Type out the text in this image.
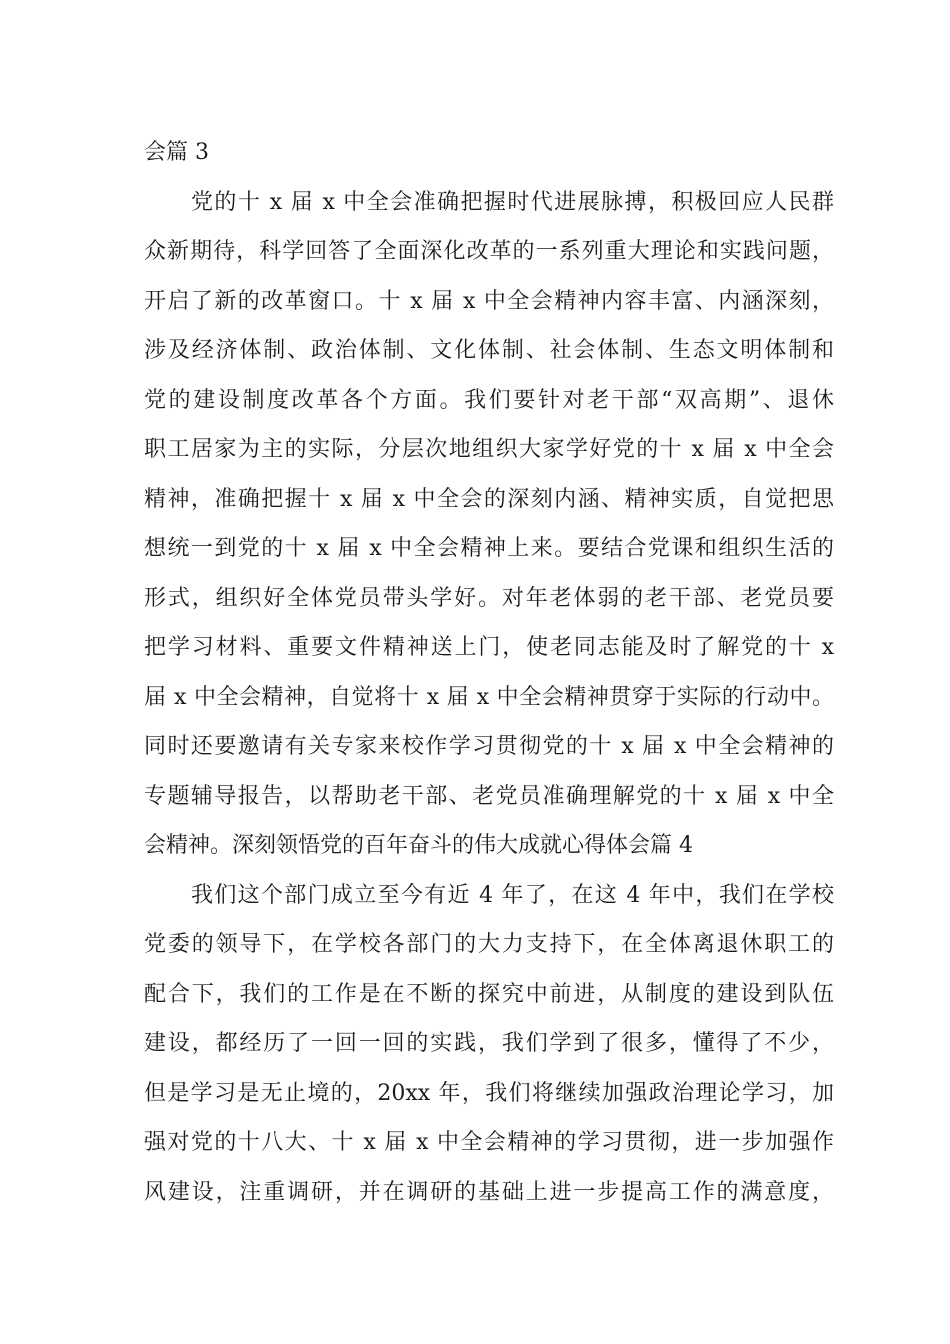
会篇 3
党的十 x 届 x 中全会准确把握时代进展脉搏，积极回应人民群
众新期待，科学回答了全面深化改革的一系列重大理论和实践问题，
开启了新的改革窗口。十 x 届 x 中全会精神内容丰富、内涵深刻，
涉及经济体制、政治体制、文化体制、社会体制、生态文明体制和
党的建设制度改革各个方面。我们要针对老干部“双高期”、退休
职工居家为主的实际，分层次地组织大家学好党的十 x 届 x 中全会
精神，准确把握十 x 届 x 中全会的深刻内涵、精神实质，自觉把思
想统一到党的十 x 届 x 中全会精神上来。要结合党课和组织生活的
形式，组织好全体党员带头学好。对年老体弱的老干部、老党员要
把学习材料、重要文件精神送上门，使老同志能及时了解党的十 x
届 x 中全会精神，自觉将十 x 届 x 中全会精神贯穿于实际的行动中。
同时还要邀请有关专家来校作学习贯彻党的十 x 届 x 中全会精神的
专题辅导报告，以帮助老干部、老党员准确理解党的十 x 届 x 中全
会精神。深刻领悟党的百年奋斗的伟大成就心得体会篇 4
我们这个部门成立至今有近 4 年了，在这 4 年中，我们在学校
党委的领导下，在学校各部门的大力支持下，在全体离退休职工的
配合下，我们的工作是在不断的探究中前进，从制度的建设到队伍
建设，都经历了一回一回的实践，我们学到了很多，懂得了不少，
但是学习是无止境的，20xx 年，我们将继续加强政治理论学习，加
强对党的十八大、十 x 届 x 中全会精神的学习贯彻，进一步加强作
风建设，注重调研，并在调研的基础上进一步提高工作的满意度，
